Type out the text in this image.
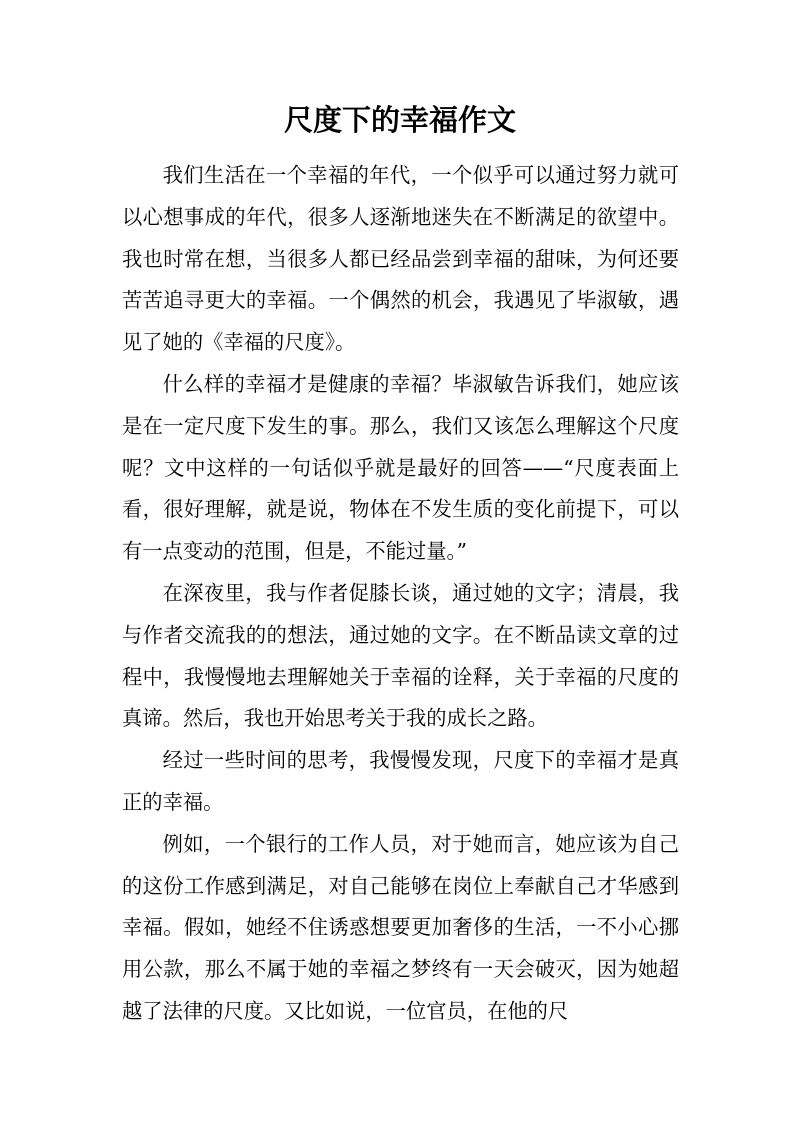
尺度下的幸福作文

我们生活在一个幸福的年代，一个似乎可以通过努力就可以心想事成的年代，很多人逐渐地迷失在不断满足的欲望中。我也时常在想，当很多人都已经品尝到幸福的甜味，为何还要苦苦追寻更大的幸福。一个偶然的机会，我遇见了毕淑敏，遇见了她的《幸福的尺度》。

什么样的幸福才是健康的幸福？毕淑敏告诉我们，她应该是在一定尺度下发生的事。那么，我们又该怎么理解这个尺度呢？文中这样的一句话似乎就是最好的回答——“尺度表面上看，很好理解，就是说，物体在不发生质的变化前提下，可以有一点变动的范围，但是，不能过量。”

在深夜里，我与作者促膝长谈，通过她的文字；清晨，我与作者交流我的的想法，通过她的文字。在不断品读文章的过程中，我慢慢地去理解她关于幸福的诠释，关于幸福的尺度的真谛。然后，我也开始思考关于我的成长之路。

经过一些时间的思考，我慢慢发现，尺度下的幸福才是真正的幸福。

例如，一个银行的工作人员，对于她而言，她应该为自己的这份工作感到满足，对自己能够在岗位上奉献自己才华感到幸福。假如，她经不住诱惑想要更加奢侈的生活，一不小心挪用公款，那么不属于她的幸福之梦终有一天会破灭，因为她超越了法律的尺度。又比如说，一位官员，在他的尺
